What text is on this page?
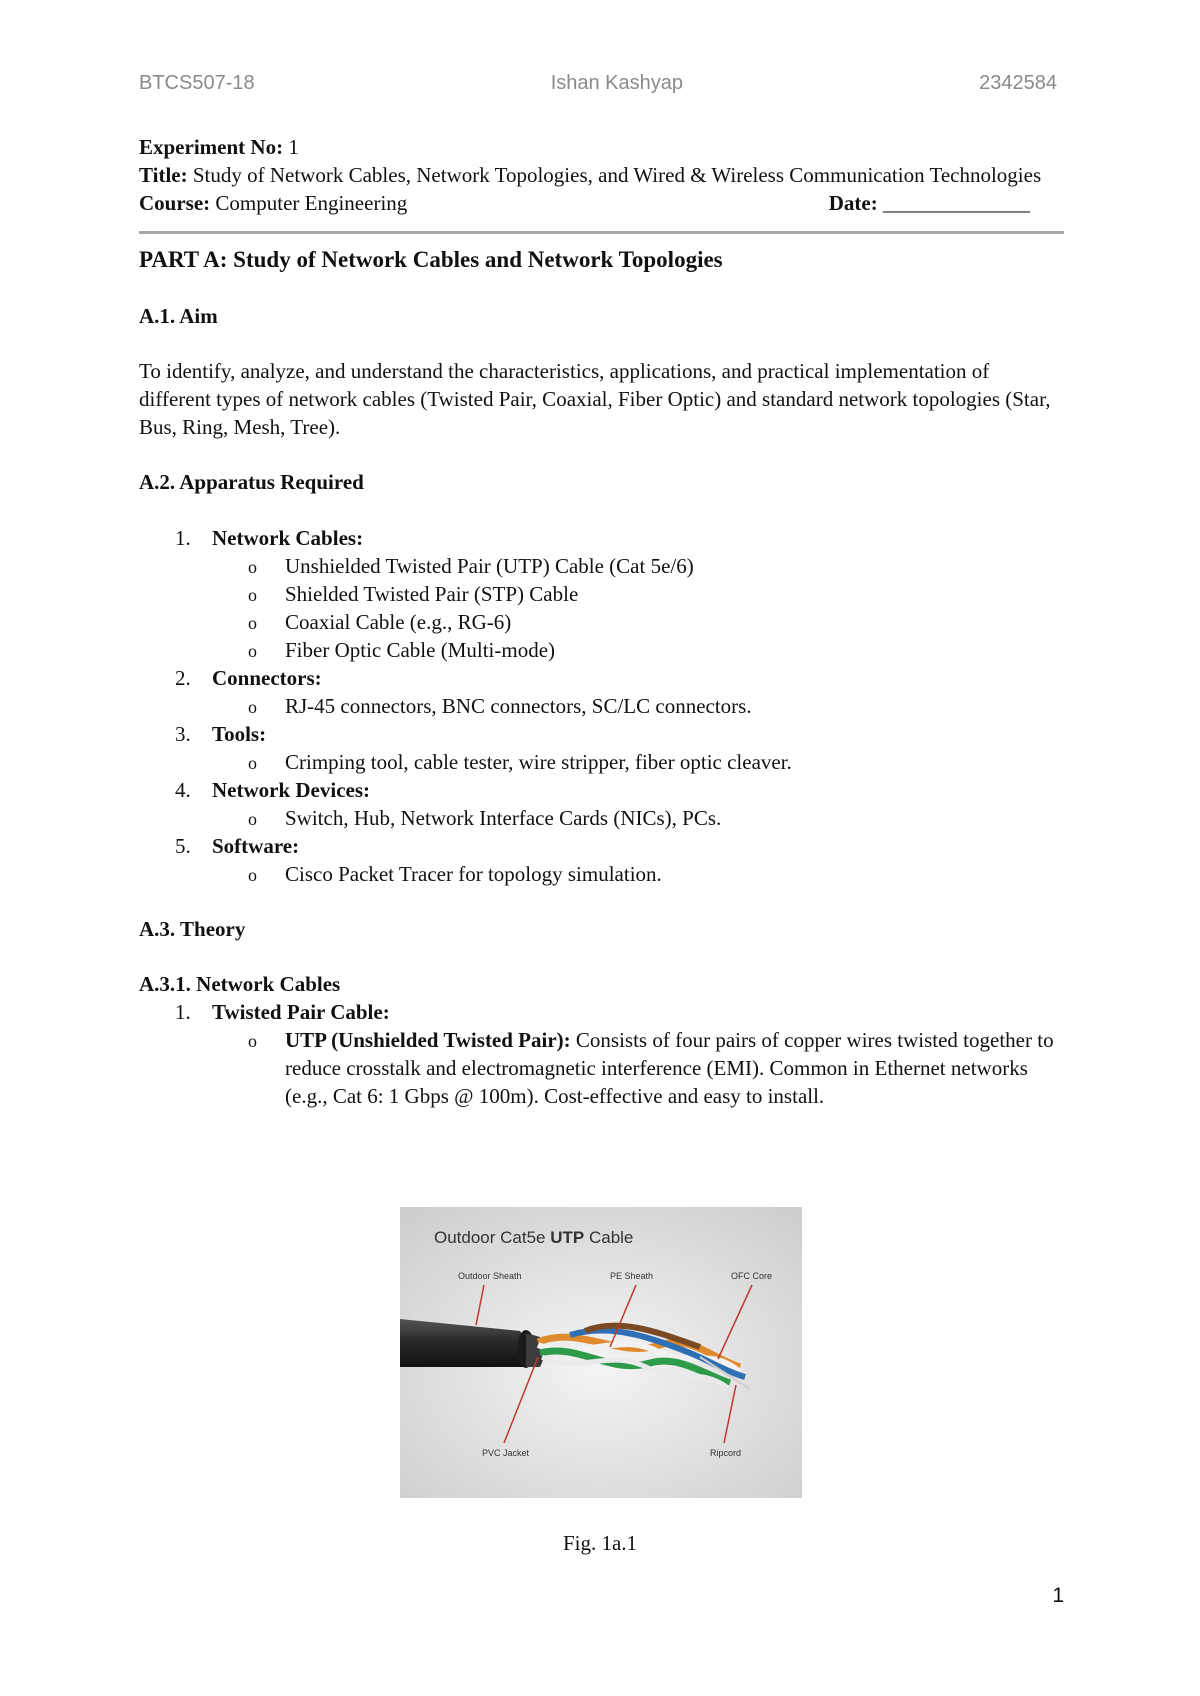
BTCS507-18	Ishan Kashyap	2342584
Experiment No: 1
Title: Study of Network Cables, Network Topologies, and Wired & Wireless Communication Technologies
Course: Computer Engineering	Date: ______________
PART A: Study of Network Cables and Network Topologies
A.1. Aim
To identify, analyze, and understand the characteristics, applications, and practical implementation of different types of network cables (Twisted Pair, Coaxial, Fiber Optic) and standard network topologies (Star, Bus, Ring, Mesh, Tree).
A.2. Apparatus Required
1. Network Cables:
o Unshielded Twisted Pair (UTP) Cable (Cat 5e/6)
o Shielded Twisted Pair (STP) Cable
o Coaxial Cable (e.g., RG-6)
o Fiber Optic Cable (Multi-mode)
2. Connectors:
o RJ-45 connectors, BNC connectors, SC/LC connectors.
3. Tools:
o Crimping tool, cable tester, wire stripper, fiber optic cleaver.
4. Network Devices:
o Switch, Hub, Network Interface Cards (NICs), PCs.
5. Software:
o Cisco Packet Tracer for topology simulation.
A.3. Theory
A.3.1. Network Cables
1. Twisted Pair Cable:
o UTP (Unshielded Twisted Pair): Consists of four pairs of copper wires twisted together to reduce crosstalk and electromagnetic interference (EMI). Common in Ethernet networks (e.g., Cat 6: 1 Gbps @ 100m). Cost-effective and easy to install.
Outdoor Cat5e UTP Cable
Outdoor Sheath	PE Sheath	OFC Core
PVC Jacket	Ripcord
Fig. 1a.1
1
